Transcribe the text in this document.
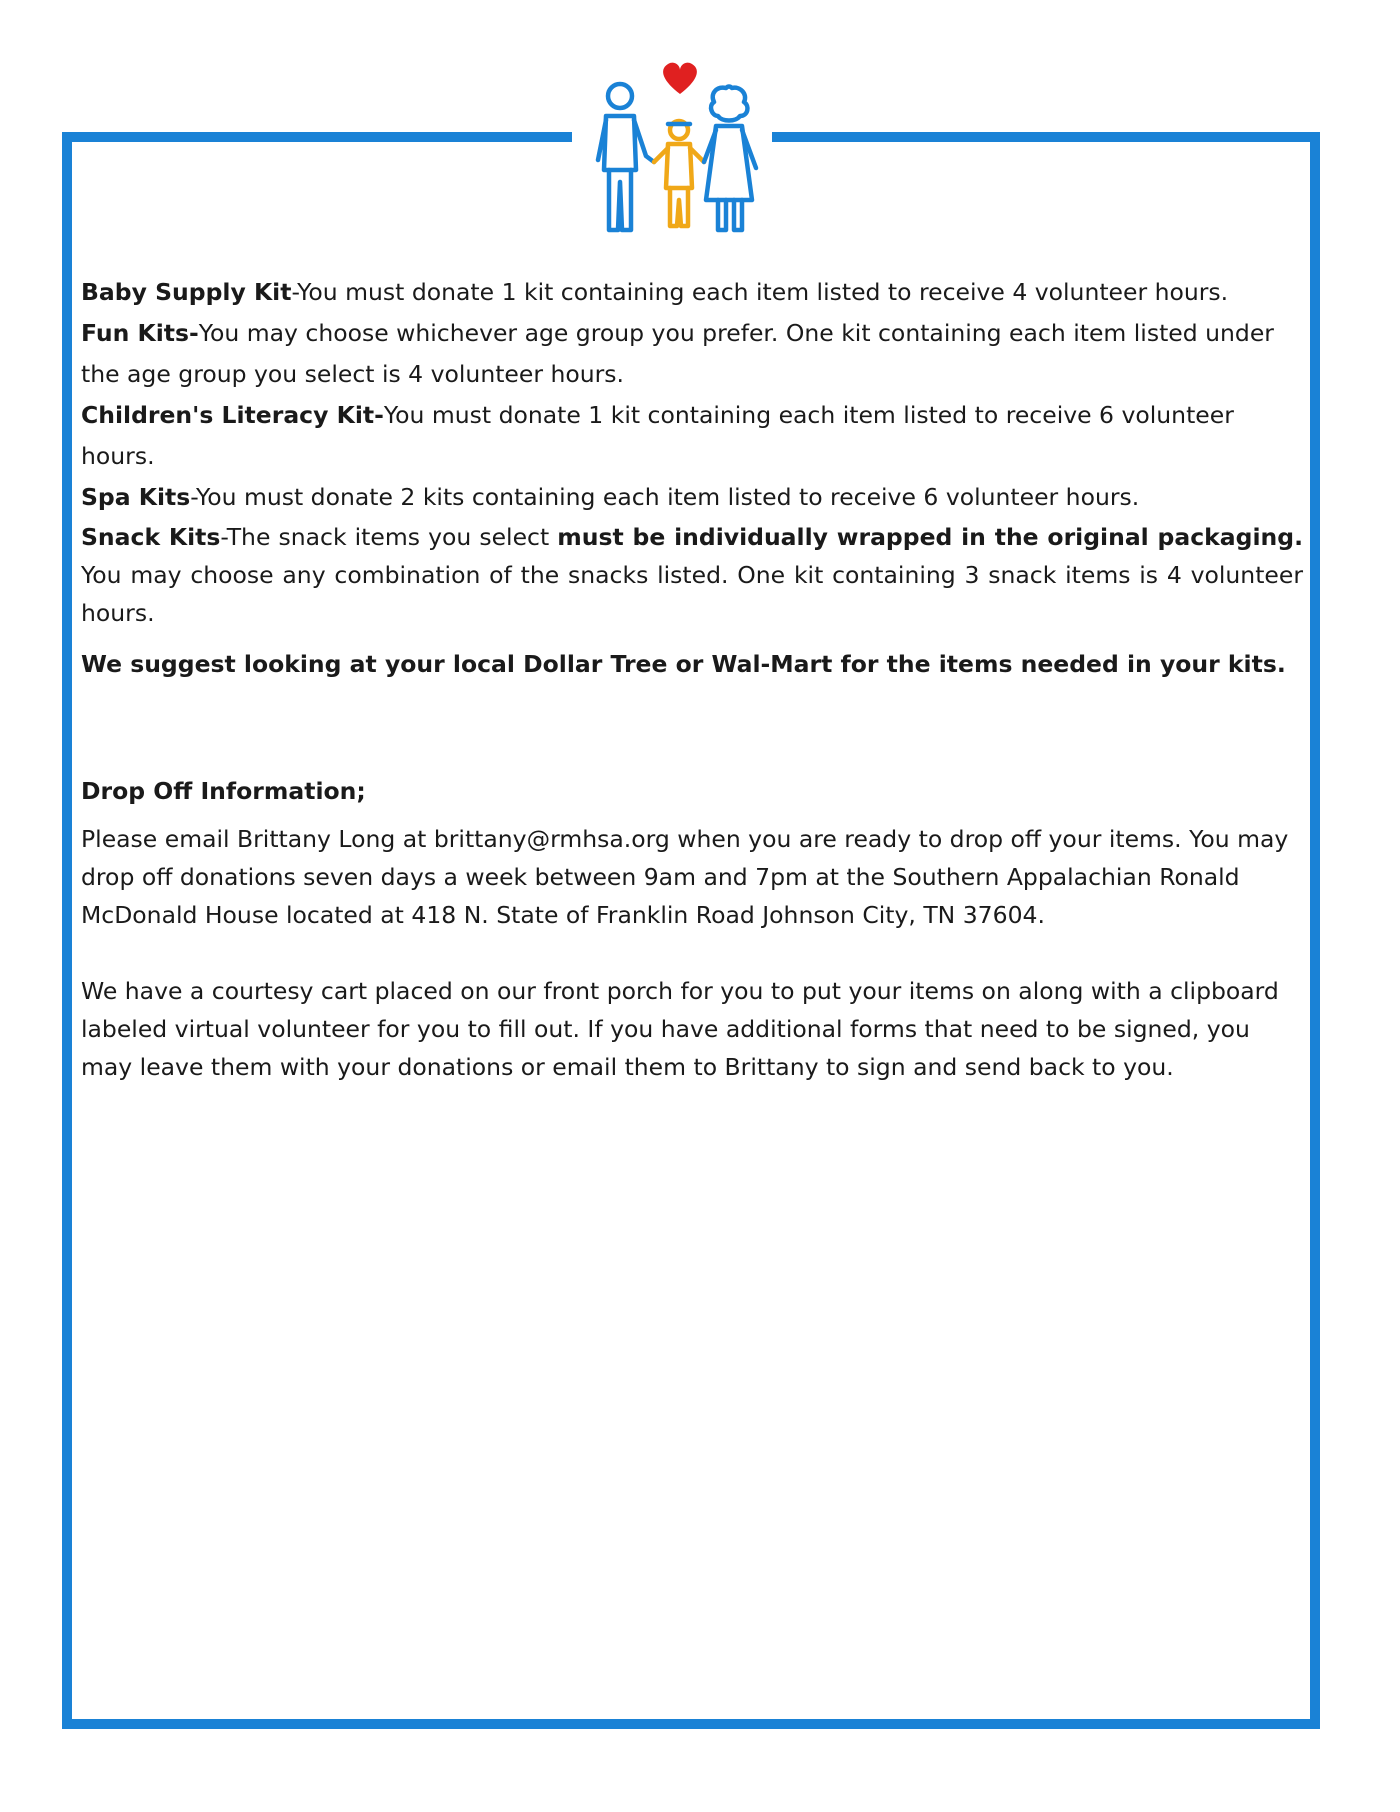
Baby Supply Kit-You must donate 1 kit containing each item listed to receive 4 volunteer hours.

Fun Kits-You may choose whichever age group you prefer. One kit containing each item listed under the age group you select is 4 volunteer hours.

Children's Literacy Kit-You must donate 1 kit containing each item listed to receive 6 volunteer hours.

Spa Kits-You must donate 2 kits containing each item listed to receive 6 volunteer hours.

Snack Kits-The snack items you select must be individually wrapped in the original packaging. You may choose any combination of the snacks listed. One kit containing 3 snack items is 4 volunteer hours.

We suggest looking at your local Dollar Tree or Wal-Mart for the items needed in your kits.

Drop Off Information;

Please email Brittany Long at brittany@rmhsa.org when you are ready to drop off your items. You may drop off donations seven days a week between 9am and 7pm at the Southern Appalachian Ronald McDonald House located at 418 N. State of Franklin Road Johnson City, TN 37604.

We have a courtesy cart placed on our front porch for you to put your items on along with a clipboard labeled virtual volunteer for you to fill out. If you have additional forms that need to be signed, you may leave them with your donations or email them to Brittany to sign and send back to you.
